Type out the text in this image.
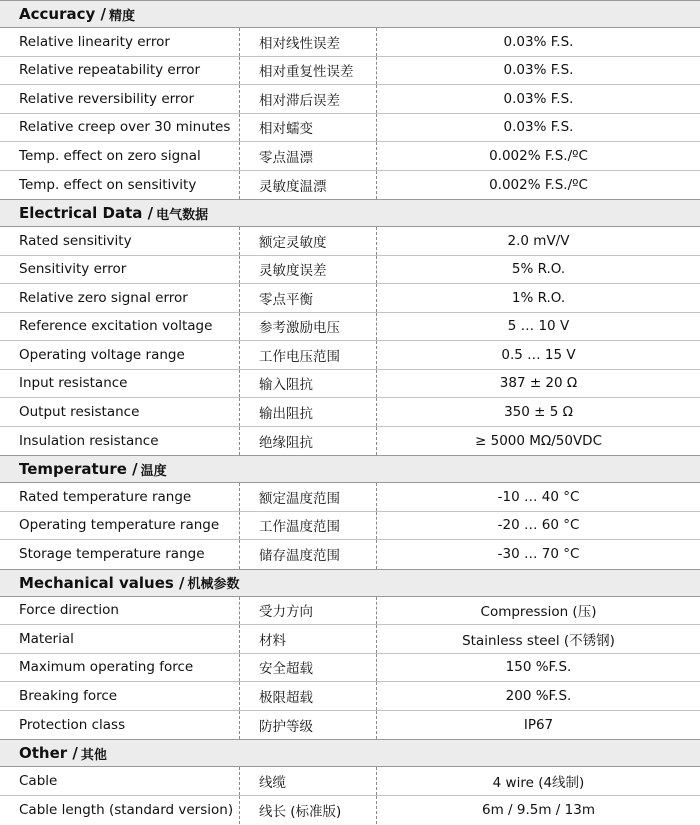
Accuracy / 精度
Relative linearity error	相对线性误差	0.03% F.S.
Relative repeatability error	相对重复性误差	0.03% F.S.
Relative reversibility error	相对滞后误差	0.03% F.S.
Relative creep over 30 minutes	相对蠕变	0.03% F.S.
Temp. effect on zero signal	零点温漂	0.002% F.S./ºC
Temp. effect on sensitivity	灵敏度温漂	0.002% F.S./ºC
Electrical Data / 电气数据
Rated sensitivity	额定灵敏度	2.0 mV/V
Sensitivity error	灵敏度误差	5% R.O.
Relative zero signal error	零点平衡	1% R.O.
Reference excitation voltage	参考激励电压	5 … 10 V
Operating voltage range	工作电压范围	0.5 … 15 V
Input resistance	输入阻抗	387 ± 20 Ω
Output resistance	输出阻抗	350 ± 5 Ω
Insulation resistance	绝缘阻抗	≥ 5000 MΩ/50VDC
Temperature / 温度
Rated temperature range	额定温度范围	-10 … 40 °C
Operating temperature range	工作温度范围	-20 … 60 °C
Storage temperature range	储存温度范围	-30 … 70 °C
Mechanical values / 机械参数
Force direction	受力方向	Compression (压)
Material	材料	Stainless steel (不锈钢)
Maximum operating force	安全超载	150 %F.S.
Breaking force	极限超载	200 %F.S.
Protection class	防护等级	IP67
Other / 其他
Cable	线缆	4 wire (4线制)
Cable length (standard version)	线长 (标准版)	6m / 9.5m / 13m
